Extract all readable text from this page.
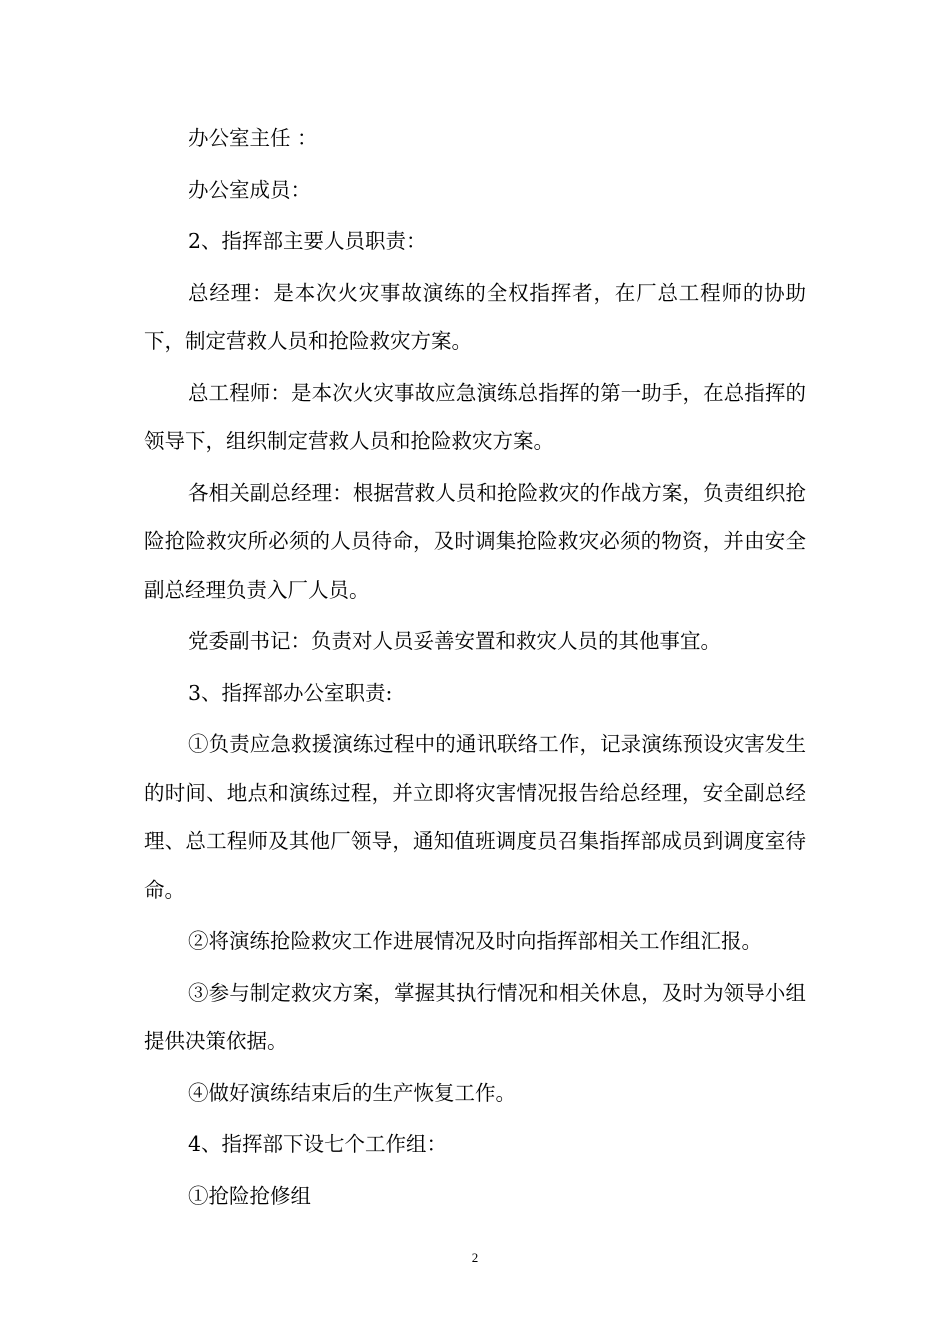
办公室主任 ：

办公室成员：

2、指挥部主要人员职责：

总经理：是本次火灾事故演练的全权指挥者，在厂总工程师的协助下，制定营救人员和抢险救灾方案。

总工程师：是本次火灾事故应急演练总指挥的第一助手，在总指挥的领导下，组织制定营救人员和抢险救灾方案。

各相关副总经理：根据营救人员和抢险救灾的作战方案，负责组织抢险抢险救灾所必须的人员待命，及时调集抢险救灾必须的物资，并由安全副总经理负责入厂人员。

党委副书记：负责对人员妥善安置和救灾人员的其他事宜。

3、指挥部办公室职责:

①负责应急救援演练过程中的通讯联络工作，记录演练预设灾害发生的时间、地点和演练过程，并立即将灾害情况报告给总经理，安全副总经理、总工程师及其他厂领导，通知值班调度员召集指挥部成员到调度室待命。

②将演练抢险救灾工作进展情况及时向指挥部相关工作组汇报。

③参与制定救灾方案，掌握其执行情况和相关休息，及时为领导小组提供决策依据。

④做好演练结束后的生产恢复工作。

4、指挥部下设七个工作组：

①抢险抢修组

2
